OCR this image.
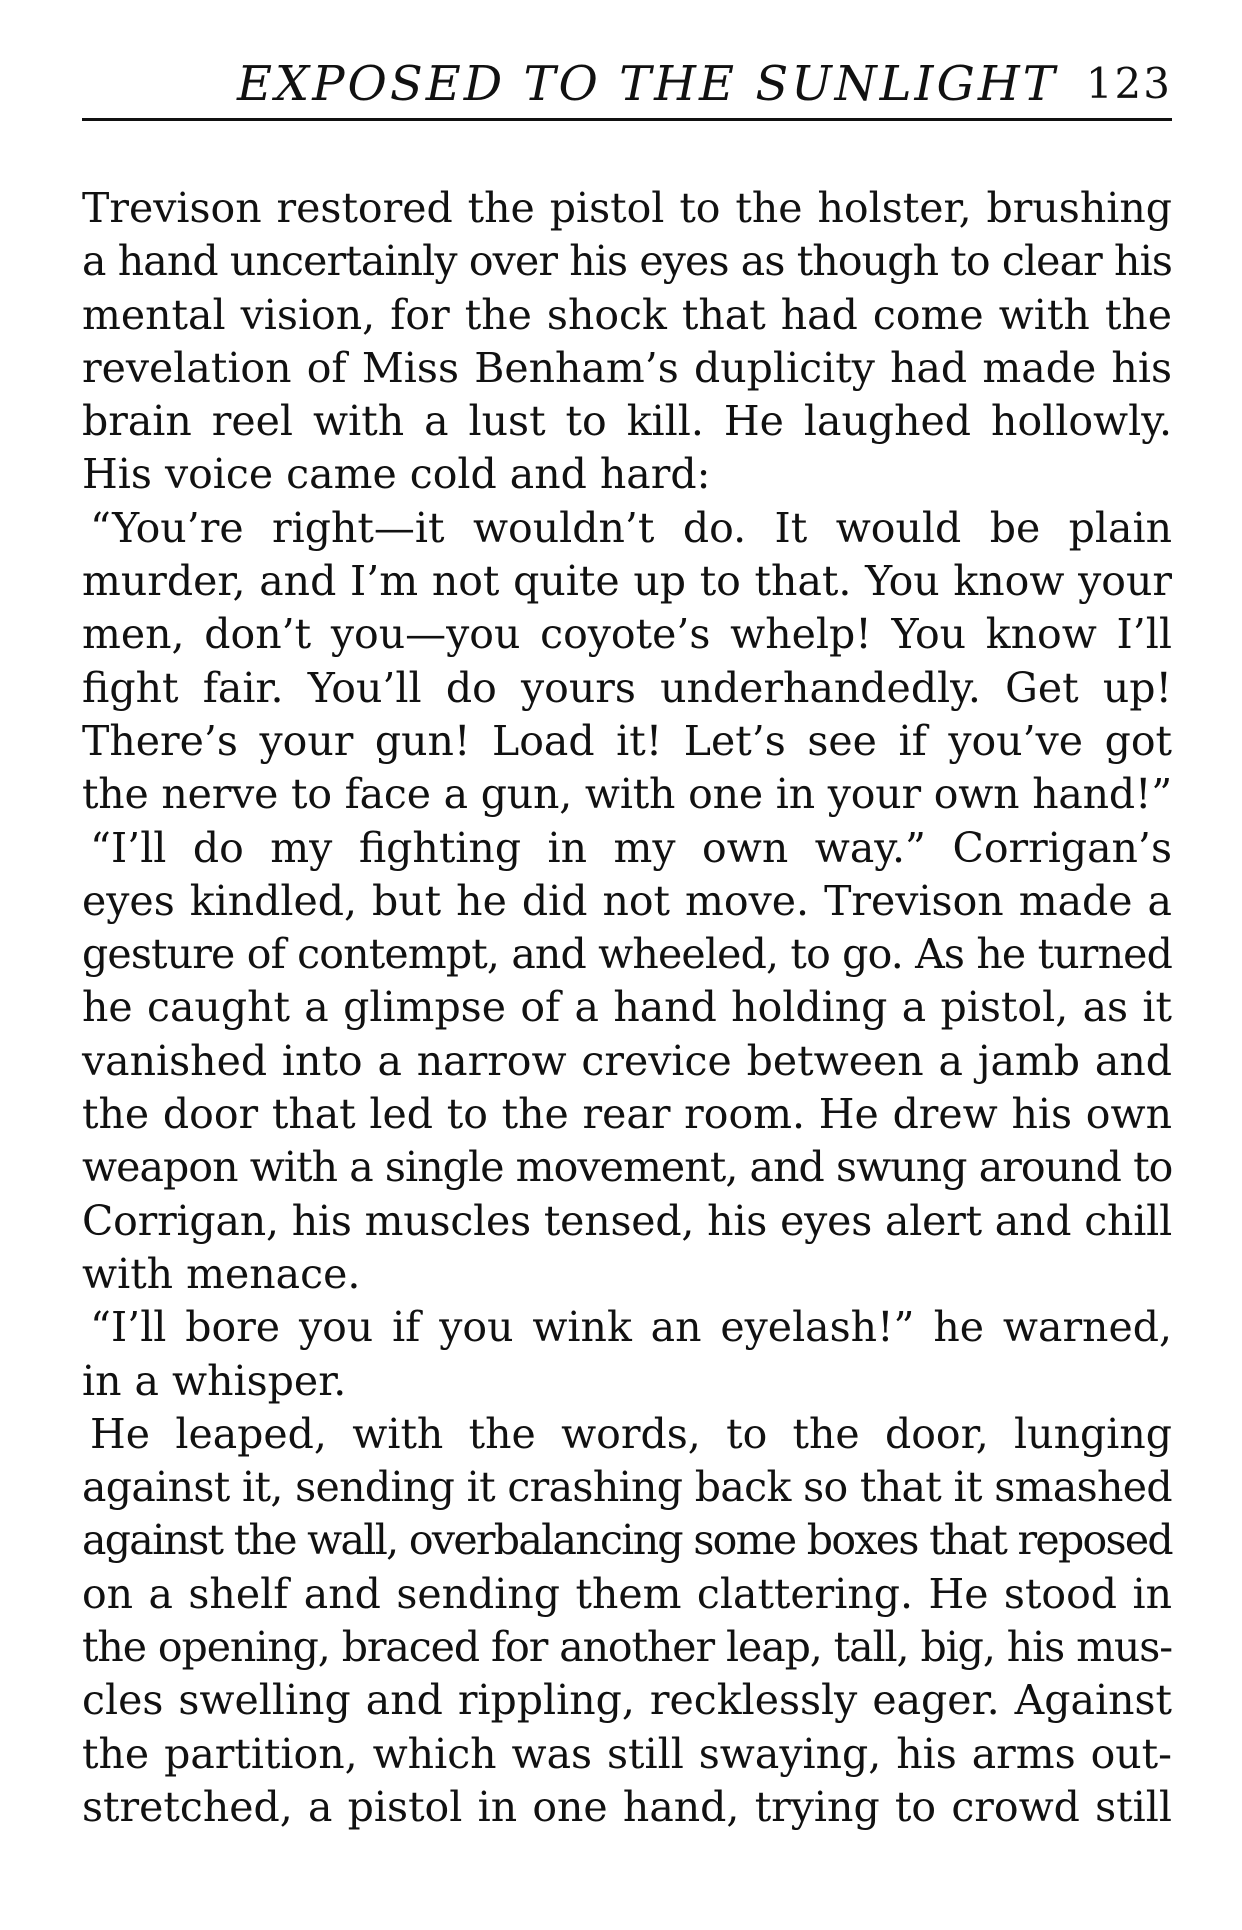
EXPOSED TO THE SUNLIGHT 123
Trevison restored the pistol to the holster, brushing
a hand uncertainly over his eyes as though to clear his
mental vision, for the shock that had come with the
revelation of Miss Benham’s duplicity had made his
brain reel with a lust to kill. He laughed hollowly.
His voice came cold and hard:
“You’re right—it wouldn’t do. It would be plain
murder, and I’m not quite up to that. You know your
men, don’t you—you coyote’s whelp! You know I’ll
fight fair. You’ll do yours underhandedly. Get up!
There’s your gun! Load it! Let’s see if you’ve got
the nerve to face a gun, with one in your own hand!”
“I’ll do my fighting in my own way.” Corrigan’s
eyes kindled, but he did not move. Trevison made a
gesture of contempt, and wheeled, to go. As he turned
he caught a glimpse of a hand holding a pistol, as it
vanished into a narrow crevice between a jamb and
the door that led to the rear room. He drew his own
weapon with a single movement, and swung around to
Corrigan, his muscles tensed, his eyes alert and chill
with menace.
“I’ll bore you if you wink an eyelash!” he warned,
in a whisper.
He leaped, with the words, to the door, lunging
against it, sending it crashing back so that it smashed
against the wall, overbalancing some boxes that reposed
on a shelf and sending them clattering. He stood in
the opening, braced for another leap, tall, big, his mus-
cles swelling and rippling, recklessly eager. Against
the partition, which was still swaying, his arms out-
stretched, a pistol in one hand, trying to crowd still
